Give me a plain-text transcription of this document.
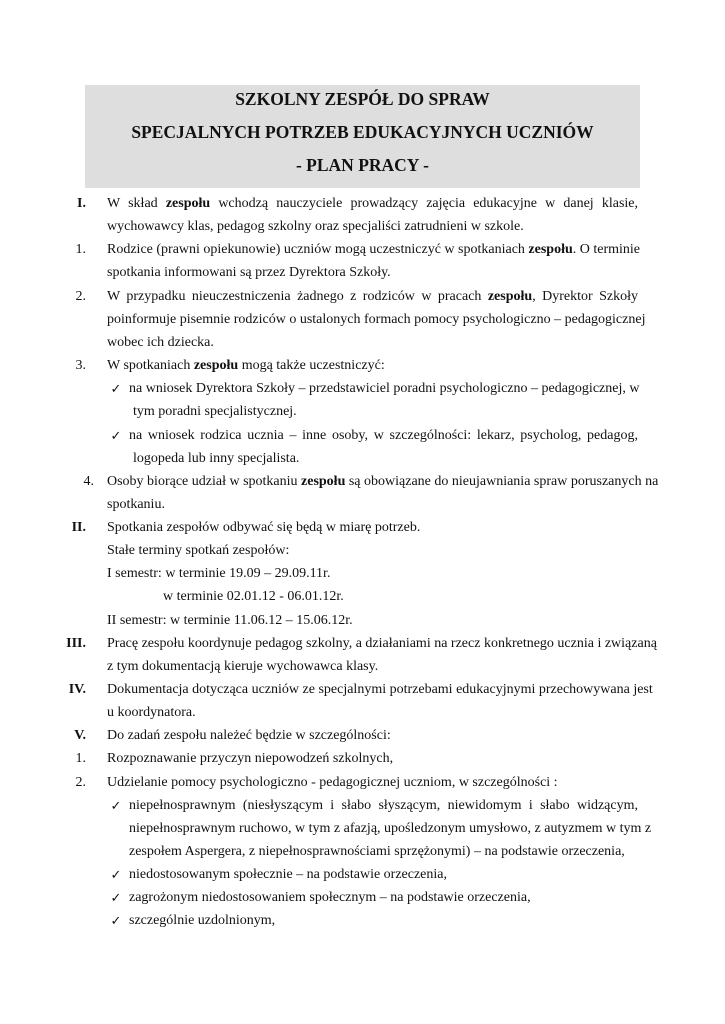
SZKOLNY ZESPÓŁ DO SPRAW
SPECJALNYCH POTRZEB EDUKACYJNYCH UCZNIÓW
- PLAN PRACY -
I. W skład zespołu wchodzą nauczyciele prowadzący zajęcia edukacyjne w danej klasie,
wychowawcy klas, pedagog szkolny oraz specjaliści zatrudnieni w szkole.
1. Rodzice (prawni opiekunowie) uczniów mogą uczestniczyć w spotkaniach zespołu. O terminie
spotkania informowani są przez Dyrektora Szkoły.
2. W przypadku nieuczestniczenia żadnego z rodziców w pracach zespołu, Dyrektor Szkoły
poinformuje pisemnie rodziców o ustalonych formach pomocy psychologiczno – pedagogicznej
wobec ich dziecka.
3. W spotkaniach zespołu mogą także uczestniczyć:
✓ na wniosek Dyrektora Szkoły – przedstawiciel poradni psychologiczno – pedagogicznej, w
tym poradni specjalistycznej.
✓ na wniosek rodzica ucznia – inne osoby, w szczególności: lekarz, psycholog, pedagog,
logopeda lub inny specjalista.
4. Osoby biorące udział w spotkaniu zespołu są obowiązane do nieujawniania spraw poruszanych na
spotkaniu.
II. Spotkania zespołów odbywać się będą w miarę potrzeb.
Stałe terminy spotkań zespołów:
I semestr: w terminie 19.09 – 29.09.11r.
w terminie 02.01.12 - 06.01.12r.
II semestr: w terminie 11.06.12 – 15.06.12r.
III. Pracę zespołu koordynuje pedagog szkolny, a działaniami na rzecz konkretnego ucznia i związaną
z tym dokumentacją kieruje wychowawca klasy.
IV. Dokumentacja dotycząca uczniów ze specjalnymi potrzebami edukacyjnymi przechowywana jest
u koordynatora.
V. Do zadań zespołu należeć będzie w szczególności:
1. Rozpoznawanie przyczyn niepowodzeń szkolnych,
2. Udzielanie pomocy psychologiczno - pedagogicznej uczniom, w szczególności :
✓ niepełnosprawnym (niesłyszącym i słabo słyszącym, niewidomym i słabo widzącym,
niepełnosprawnym ruchowo, w tym z afazją, upośledzonym umysłowo, z autyzmem w tym z
zespołem Aspergera, z niepełnosprawnościami sprzężonymi) – na podstawie orzeczenia,
✓ niedostosowanym społecznie – na podstawie orzeczenia,
✓ zagrożonym niedostosowaniem społecznym – na podstawie orzeczenia,
✓ szczególnie uzdolnionym,
